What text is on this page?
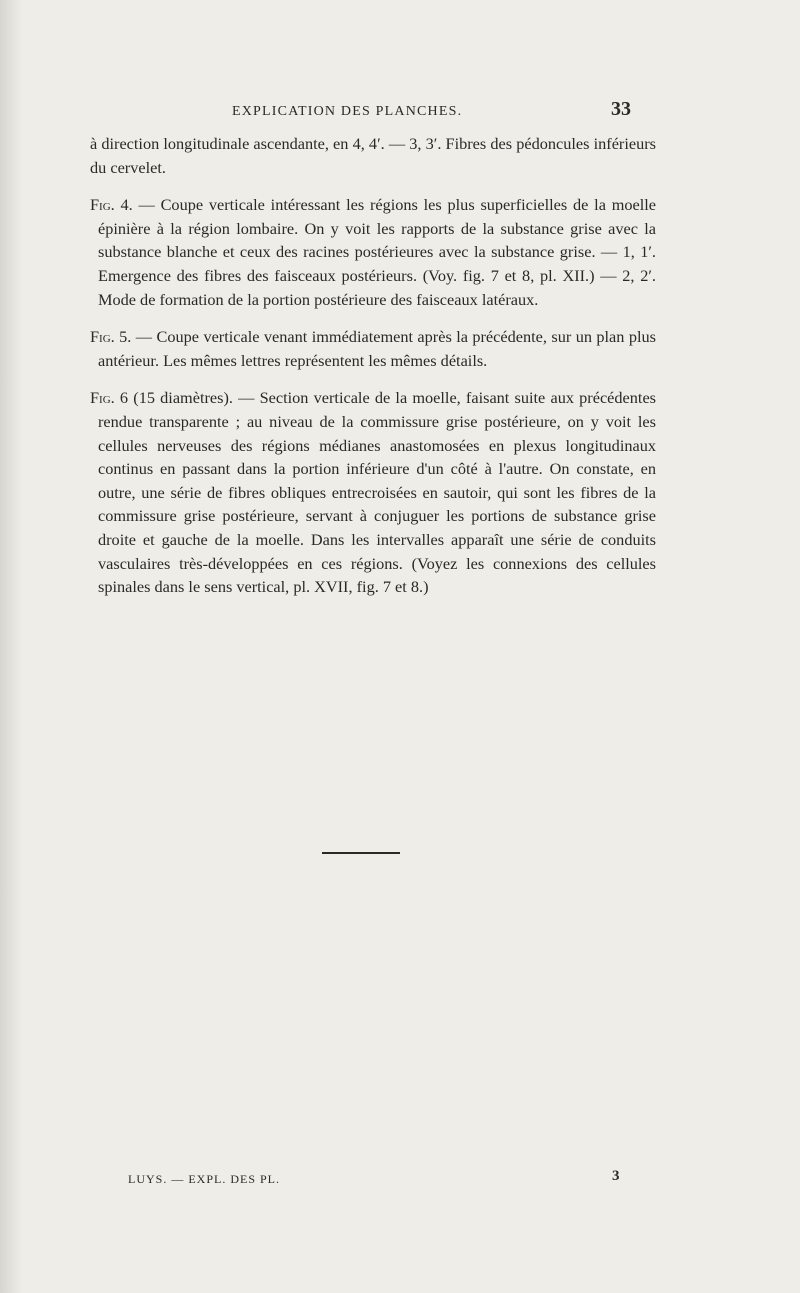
EXPLICATION DES PLANCHES.	33

à direction longitudinale ascendante, en 4, 4′. — 3, 3′. Fibres des pédoncules inférieurs du cervelet.

Fig. 4. — Coupe verticale intéressant les régions les plus superficielles de la moelle épinière à la région lombaire. On y voit les rapports de la substance grise avec la substance blanche et ceux des racines postérieures avec la substance grise. — 1, 1′. Emergence des fibres des faisceaux postérieurs. (Voy. fig. 7 et 8, pl. XII.) — 2, 2′. Mode de formation de la portion postérieure des faisceaux latéraux.

Fig. 5. — Coupe verticale venant immédiatement après la précédente, sur un plan plus antérieur. Les mêmes lettres représentent les mêmes détails.

Fig. 6 (15 diamètres). — Section verticale de la moelle, faisant suite aux précédentes rendue transparente ; au niveau de la commissure grise postérieure, on y voit les cellules nerveuses des régions médianes anastomosées en plexus longitudinaux continus en passant dans la portion inférieure d'un côté à l'autre. On constate, en outre, une série de fibres obliques entrecroisées en sautoir, qui sont les fibres de la commissure grise postérieure, servant à conjuguer les portions de substance grise droite et gauche de la moelle. Dans les intervalles apparaît une série de conduits vasculaires très-développées en ces régions. (Voyez les connexions des cellules spinales dans le sens vertical, pl. XVII, fig. 7 et 8.)

LUYS. — EXPL. DES PL.	3
